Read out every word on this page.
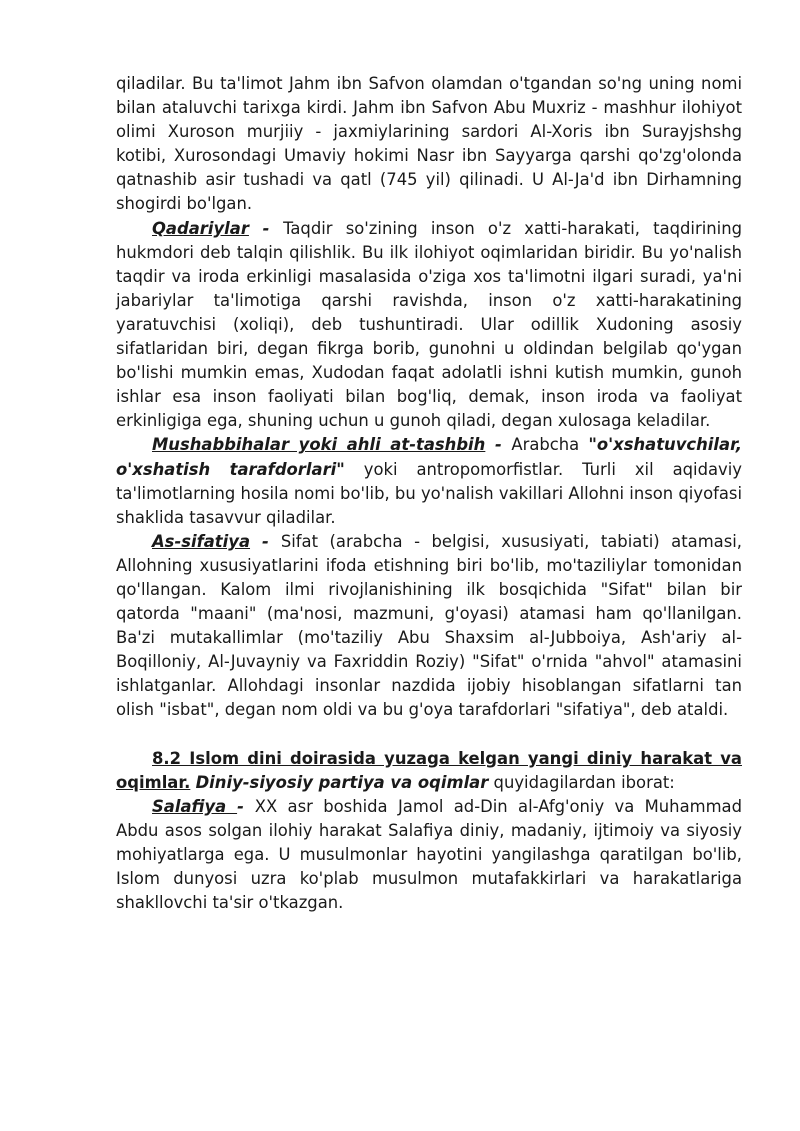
qiladilar. Bu ta'limot Jahm ibn Safvon olamdan o'tgandan so'ng uning nomi bilan ataluvchi tarixga kirdi. Jahm ibn Safvon Abu Muxriz - mashhur ilohiyot olimi Xuroson murjiiy - jaxmiylarining sardori Al-Xoris ibn Surayjshshg kotibi, Xurosondagi Umaviy hokimi Nasr ibn Sayyarga qarshi qo'zg'olonda qatnashib asir tushadi va qatl (745 yil) qilinadi. U Al-Ja'd ibn Dirhamning shogirdi bo'lgan.

Qadariylar - Taqdir so'zining inson o'z xatti-harakati, taqdirining hukmdori deb talqin qilishlik. Bu ilk ilohiyot oqimlaridan biridir. Bu yo'nalish taqdir va iroda erkinligi masalasida o'ziga xos ta'limotni ilgari suradi, ya'ni jabariylar ta'limotiga qarshi ravishda, inson o'z xatti-harakatining yaratuvchisi (xoliqi), deb tushuntiradi. Ular odillik Xudoning asosiy sifatlaridan biri, degan fikrga borib, gunohni u oldindan belgilab qo'ygan bo'lishi mumkin emas, Xudodan faqat adolatli ishni kutish mumkin, gunoh ishlar esa inson faoliyati bilan bog'liq, demak, inson iroda va faoliyat erkinligiga ega, shuning uchun u gunoh qiladi, degan xulosaga keladilar.

Mushabbihalar yoki ahli at-tashbih - Arabcha "o'xshatuvchilar, o'xshatish tarafdorlari" yoki antropomorfistlar. Turli xil aqidaviy ta'limotlarning hosila nomi bo'lib, bu yo'nalish vakillari Allohni inson qiyofasi shaklida tasavvur qiladilar.

As-sifatiya - Sifat (arabcha - belgisi, xususiyati, tabiati) atamasi, Allohning xususiyatlarini ifoda etishning biri bo'lib, mo'taziliylar tomonidan qo'llangan. Kalom ilmi rivojlanishining ilk bosqichida "Sifat" bilan bir qatorda "maani" (ma'nosi, mazmuni, g'oyasi) atamasi ham qo'llanilgan. Ba'zi mutakallimlar (mo'taziliy Abu Shaxsim al-Jubboiya, Ash'ariy al-Boqilloniy, Al-Juvayniy va Faxriddin Roziy) "Sifat" o'rnida "ahvol" atamasini ishlatganlar. Allohdagi insonlar nazdida ijobiy hisoblangan sifatlarni tan olish "isbat", degan nom oldi va bu g'oya tarafdorlari "sifatiya", deb ataldi.

8.2 Islom dini doirasida yuzaga kelgan yangi diniy harakat va oqimlar. Diniy-siyosiy partiya va oqimlar quyidagilardan iborat:

Salafiya - XX asr boshida Jamol ad-Din al-Afg'oniy va Muhammad Abdu asos solgan ilohiy harakat Salafiya diniy, madaniy, ijtimoiy va siyosiy mohiyatlarga ega. U musulmonlar hayotini yangilashga qaratilgan bo'lib, Islom dunyosi uzra ko'plab musulmon mutafakkirlari va harakatlariga shakllovchi ta'sir o'tkazgan.
